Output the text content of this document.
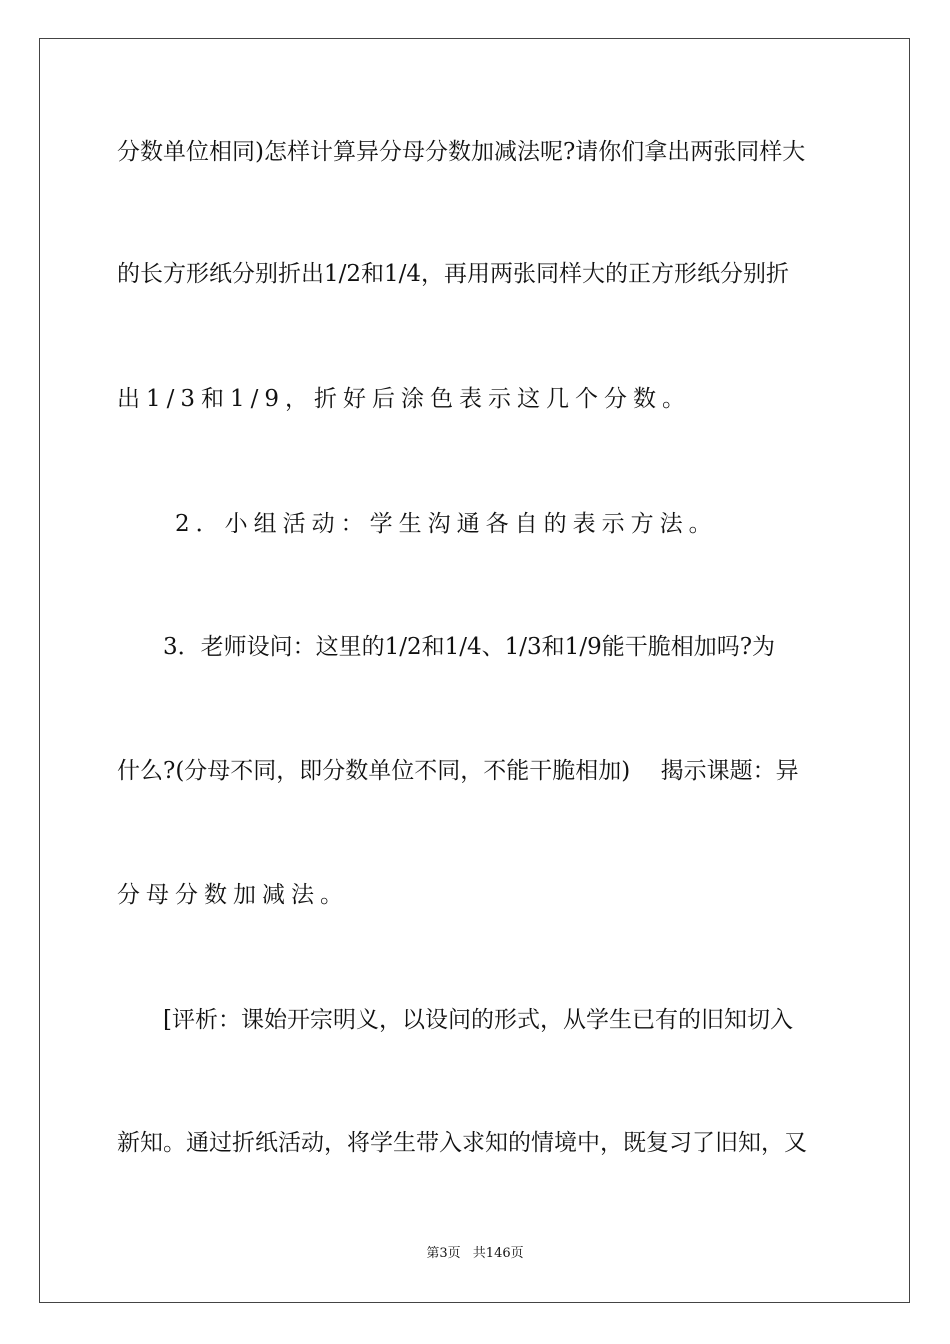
分数单位相同)怎样计算异分母分数加减法呢?请你们拿出两张同样大
的长方形纸分别折出1/2和1/4，再用两张同样大的正方形纸分别折
出1/3和1/9，折好后涂色表示这几个分数。
　　2．小组活动：学生沟通各自的表示方法。
　　3．老师设问：这里的1/2和1/4、1/3和1/9能干脆相加吗?为
什么?(分母不同，即分数单位不同，不能干脆相加)　 揭示课题：异
分母分数加减法。
　　[评析：课始开宗明义，以设问的形式，从学生已有的旧知切入
新知。通过折纸活动，将学生带入求知的情境中，既复习了旧知，又
第3页 共146页
